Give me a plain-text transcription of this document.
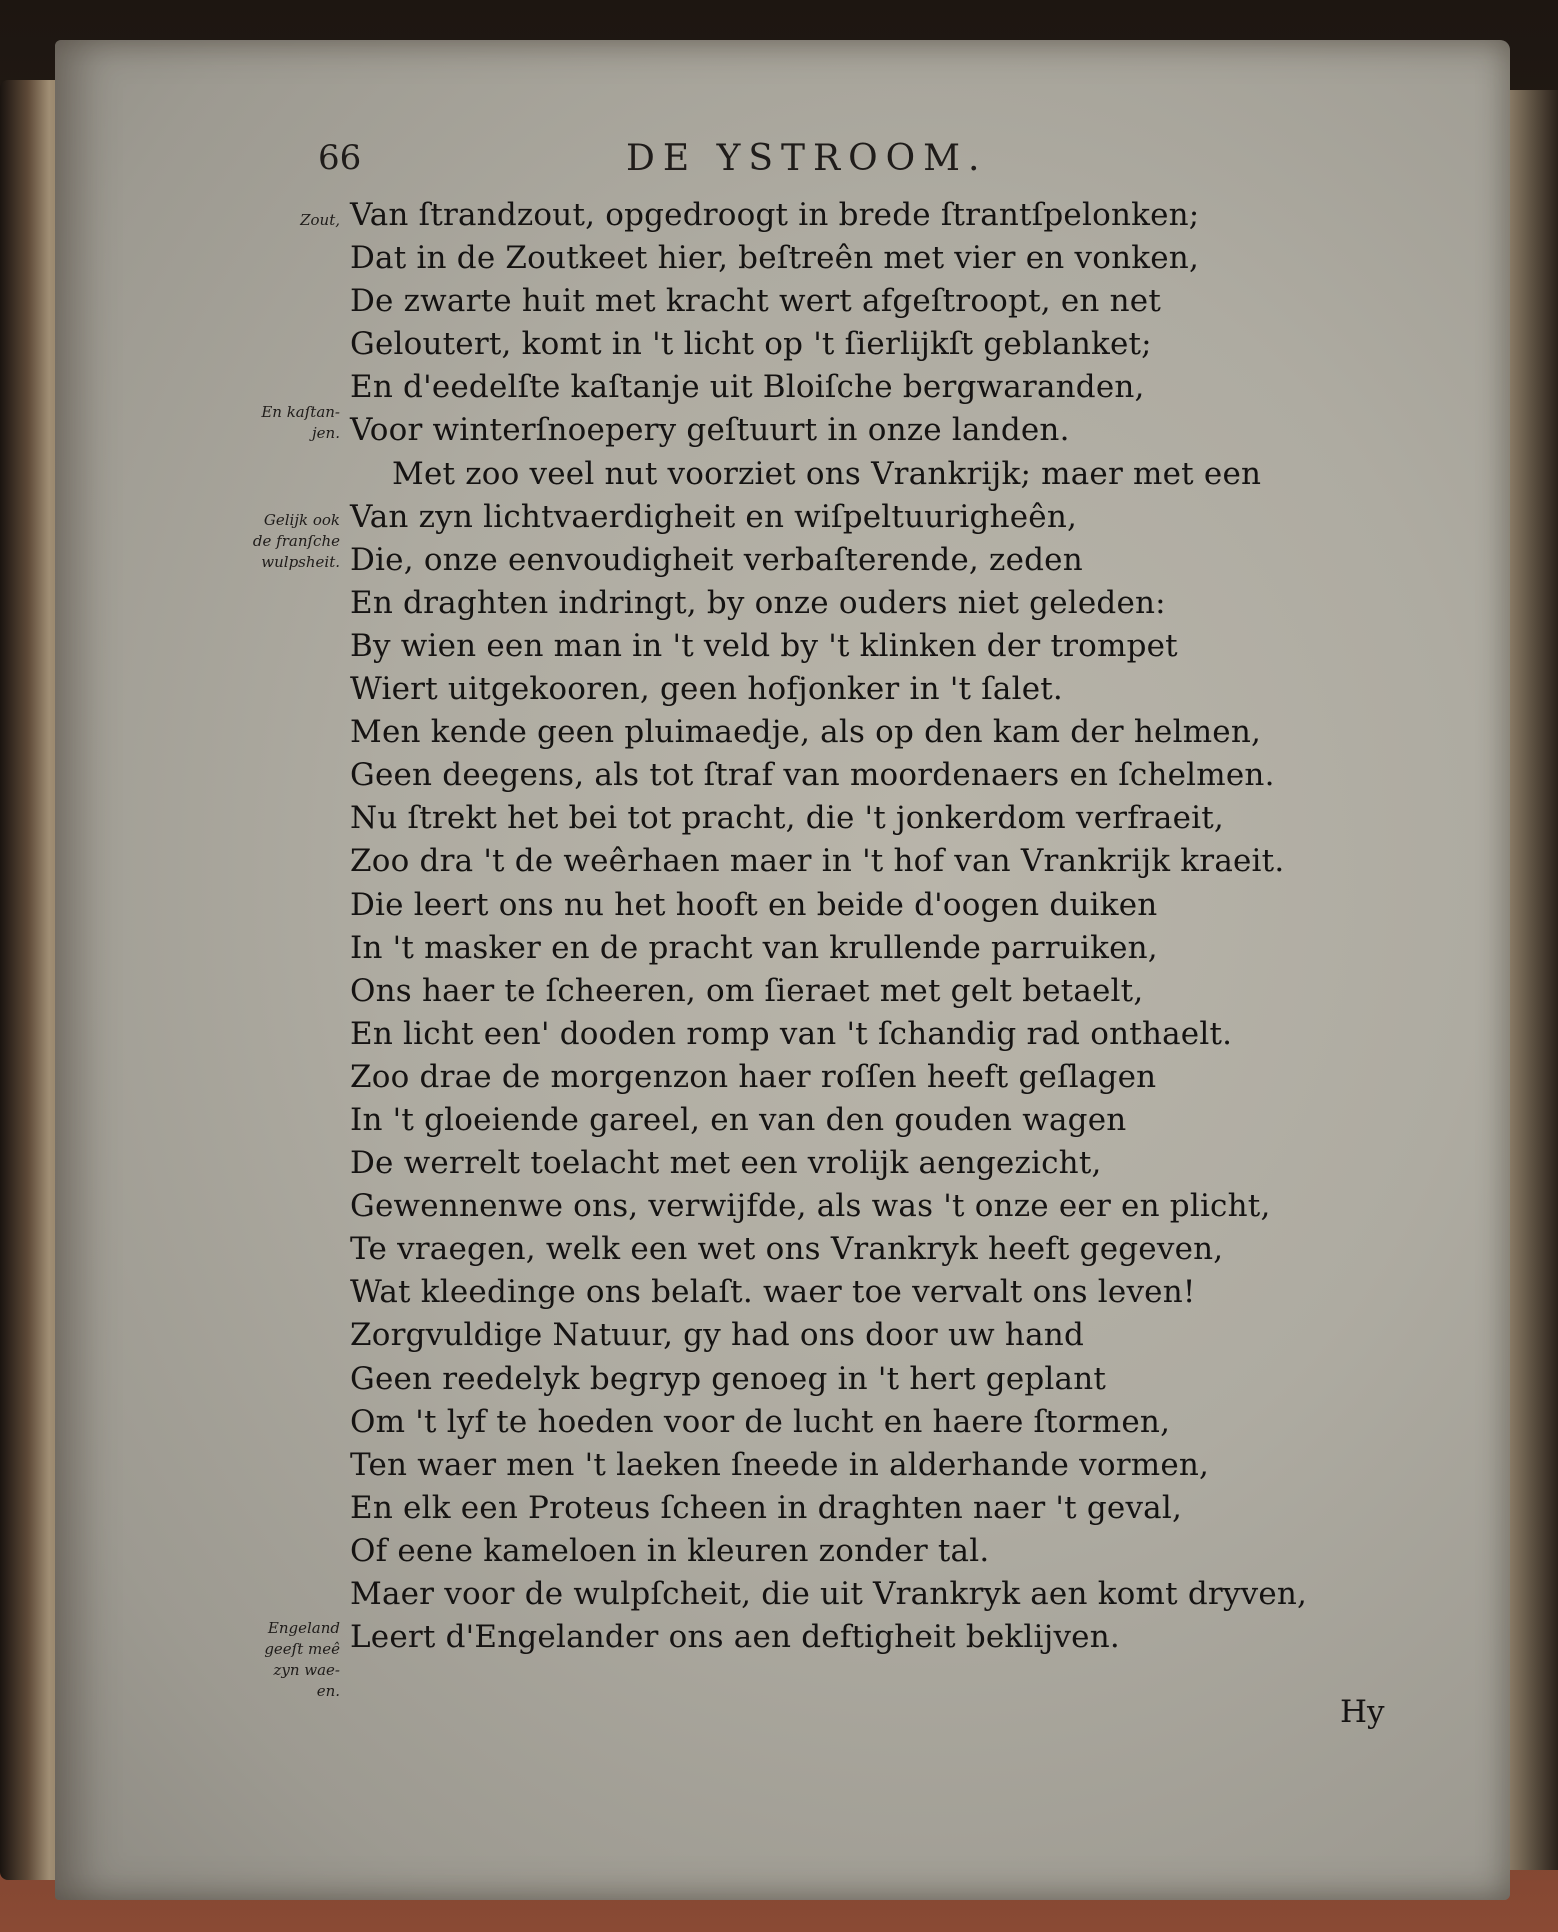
66	DE YSTROOM.
Zout,
En kaſtan-
jen.
Gelijk ook
de franſche
wulpsheit.
Engeland
geeſt meê
zyn wae-
en.
Van ſtrandzout, opgedroogt in brede ſtrantſpelonken;
Dat in de Zoutkeet hier, beſtreên met vier en vonken,
De zwarte huit met kracht wert afgeſtroopt, en net
Geloutert, komt in 't licht op 't ſierlijkſt geblanket;
En d'eedelſte kaſtanje uit Bloiſche bergwaranden,
Voor winterſnoepery geſtuurt in onze landen.
Met zoo veel nut voorziet ons Vrankrijk; maer met een
Van zyn lichtvaerdigheit en wiſpeltuurigheên,
Die, onze eenvoudigheit verbaſterende, zeden
En draghten indringt, by onze ouders niet geleden:
By wien een man in 't veld by 't klinken der trompet
Wiert uitgekooren, geen hofjonker in 't ſalet.
Men kende geen pluimaedje, als op den kam der helmen,
Geen deegens, als tot ſtraf van moordenaers en ſchelmen.
Nu ſtrekt het bei tot pracht, die 't jonkerdom verfraeit,
Zoo dra 't de weêrhaen maer in 't hof van Vrankrijk kraeit.
Die leert ons nu het hooft en beide d'oogen duiken
In 't masker en de pracht van krullende parruiken,
Ons haer te ſcheeren, om ſieraet met gelt betaelt,
En licht een' dooden romp van 't ſchandig rad onthaelt.
Zoo drae de morgenzon haer roſſen heeft geſlagen
In 't gloeiende gareel, en van den gouden wagen
De werrelt toelacht met een vrolijk aengezicht,
Gewennenwe ons, verwijfde, als was 't onze eer en plicht,
Te vraegen, welk een wet ons Vrankryk heeft gegeven,
Wat kleedinge ons belaſt. waer toe vervalt ons leven!
Zorgvuldige Natuur, gy had ons door uw hand
Geen reedelyk begryp genoeg in 't hert geplant
Om 't lyf te hoeden voor de lucht en haere ſtormen,
Ten waer men 't laeken ſneede in alderhande vormen,
En elk een Proteus ſcheen in draghten naer 't geval,
Of eene kameloen in kleuren zonder tal.
Maer voor de wulpſcheit, die uit Vrankryk aen komt dryven,
Leert d'Engelander ons aen deftigheit beklijven.
Hy
